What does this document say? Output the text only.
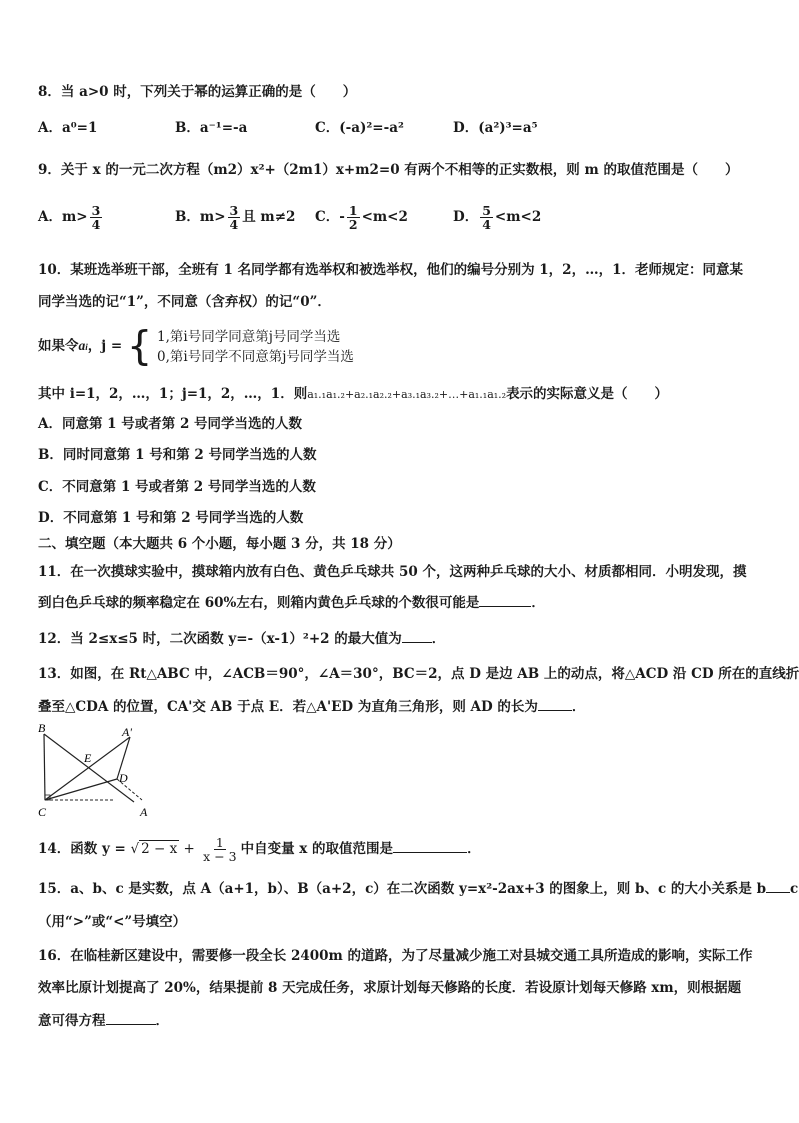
8．当 a>0 时，下列关于幂的运算正确的是（　　）
A．a⁰=1	B．a⁻¹=-a	C．(-a)²=-a²	D．(a²)³=a⁵
9．关于 x 的一元二次方程（m2）x²+（2m1）x+m2=0 有两个不相等的正实数根，则 m 的取值范围是（　　）
A．$m> \frac{3}{4}$	B．$m> \frac{3}{4}$ 且 m≠2 C．- $\frac{1}{2} <m<2$	D． $\frac{5}{4} <m<2$
10．某班选举班干部，全班有 1 名同学都有选举权和被选举权，他们的编号分别为 1，2，…，1．老师规定：同意某
同学当选的记“1”，不同意（含弃权）的记“0”．
如果令ai，j = { 1,第i号同学同意第j号同学当选
0,第i号同学不同意第j号同学当选
其中 i=1，2，…，1；j=1，2，…，1．则a₁.₁a₁.₂+a₂.₁a₂.₂+a₃.₁a₃.₂+…+a₁.₁a₁.₂表示的实际意义是（　　）
A．同意第 1 号或者第 2 号同学当选的人数
B．同时同意第 1 号和第 2 号同学当选的人数
C．不同意第 1 号或者第 2 号同学当选的人数
D．不同意第 1 号和第 2 号同学当选的人数
二、填空题（本大题共 6 个小题，每小题 3 分，共 18 分）
11．在一次摸球实验中，摸球箱内放有白色、黄色乒乓球共 50 个，这两种乒乓球的大小、材质都相同．小明发现，摸
到白色乒乓球的频率稳定在 60%左右，则箱内黄色乒乓球的个数很可能是	．
12．当 2≤x≤5 时，二次函数 y=-（x-1）²+2 的最大值为 ．
13．如图，在 Rt△ABC 中，∠ACB＝90°，∠A＝30°，BC＝2，点 D 是边 AB 上的动点，将△ACD 沿 CD 所在的直线折
叠至△CDA 的位置，CA'交 AB 于点 E．若△A'ED 为直角三角形，则 AD 的长为	．
B	A'
E
D
C	A
14．函数 y = √ $2 - x + \frac{1}{x - 3}$ 中自变量 x 的取值范围是	．
15．a、b、c 是实数，点 A（a+1，b）、B（a+2，c）在二次函数 y=x²-2ax+3 的图象上，则 b、c 的大小关系是 b c
（用“>”或“<”号填空）
16．在临桂新区建设中，需要修一段全长 2400m 的道路，为了尽量减少施工对县城交通工具所造成的影响，实际工作
效率比原计划提高了 20%，结果提前 8 天完成任务，求原计划每天修路的长度．若设原计划每天修路 xm，则根据题
意可得方程	．
